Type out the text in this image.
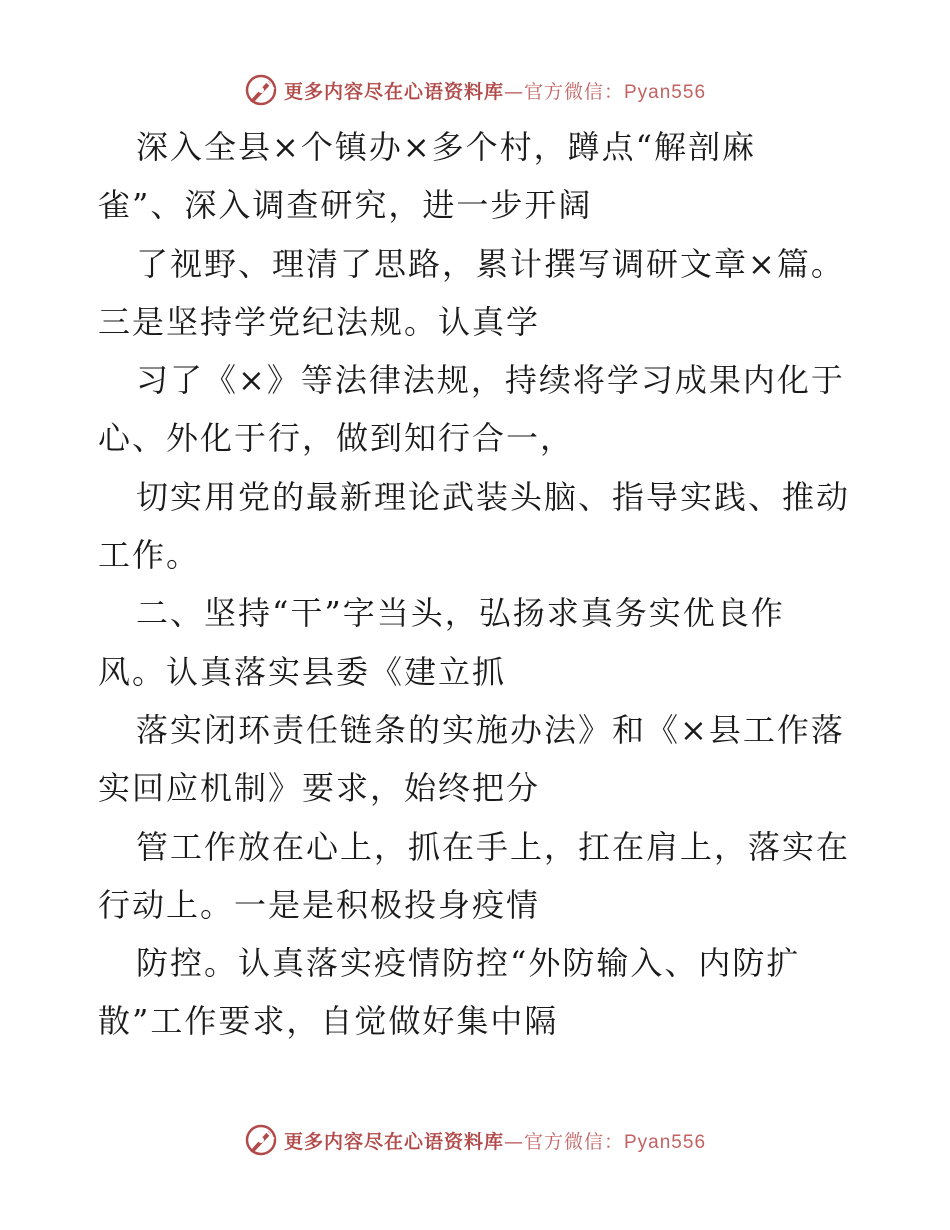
更多内容尽在心语资料库—官方微信：Pyan556
深入全县×个镇办×多个村，蹲点“解剖麻
雀”、深入调查研究，进一步开阔
了视野、理清了思路，累计撰写调研文章×篇。
三是坚持学党纪法规。认真学
习了《×》等法律法规，持续将学习成果内化于
心、外化于行，做到知行合一，
切实用党的最新理论武装头脑、指导实践、推动
工作。
二、坚持“干”字当头，弘扬求真务实优良作
风。认真落实县委《建立抓
落实闭环责任链条的实施办法》和《×县工作落
实回应机制》要求，始终把分
管工作放在心上，抓在手上，扛在肩上，落实在
行动上。一是是积极投身疫情
防控。认真落实疫情防控“外防输入、内防扩
散”工作要求，自觉做好集中隔
更多内容尽在心语资料库—官方微信：Pyan556
